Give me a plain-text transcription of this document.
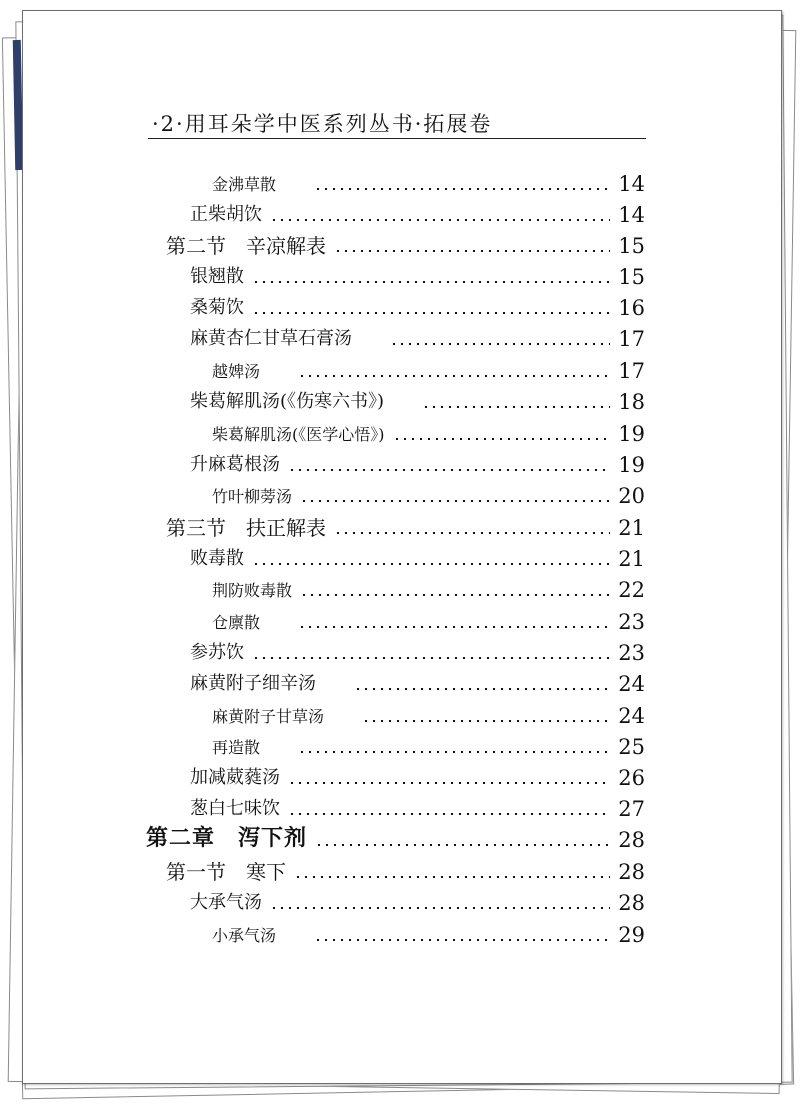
·2·用耳朵学中医系列丛书·拓展卷
金沸草散	14
正柴胡饮	14
第二节　辛凉解表	15
银翘散	15
桑菊饮	16
麻黄杏仁甘草石膏汤	17
越婢汤	17
柴葛解肌汤(《伤寒六书》)	18
柴葛解肌汤(《医学心悟》)	19
升麻葛根汤	19
竹叶柳蒡汤	20
第三节　扶正解表	21
败毒散	21
荆防败毒散	22
仓廪散	23
参苏饮	23
麻黄附子细辛汤	24
麻黄附子甘草汤	24
再造散	25
加减葳蕤汤	26
葱白七味饮	27
第二章　泻下剂	28
第一节　寒下	28
大承气汤	28
小承气汤	29
